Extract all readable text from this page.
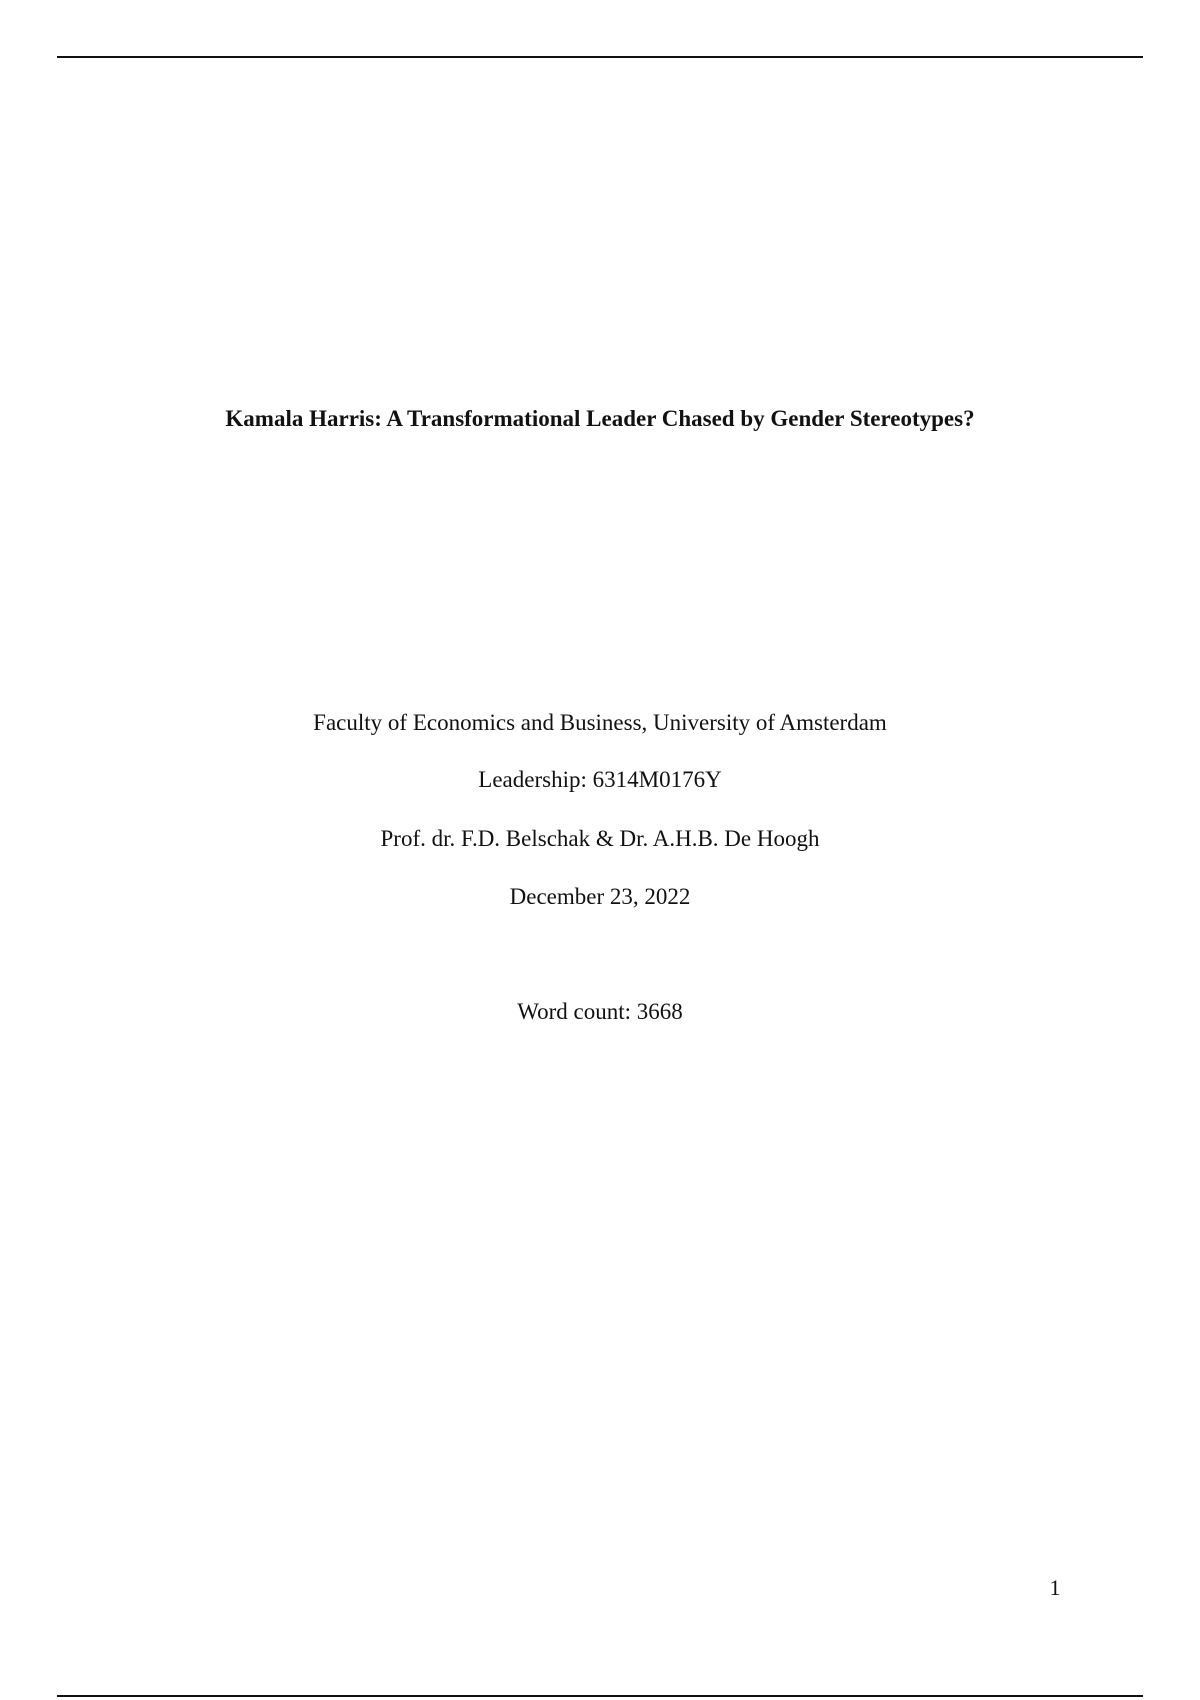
Kamala Harris: A Transformational Leader Chased by Gender Stereotypes?
Faculty of Economics and Business, University of Amsterdam
Leadership: 6314M0176Y
Prof. dr. F.D. Belschak & Dr. A.H.B. De Hoogh
December 23, 2022
Word count: 3668
1
